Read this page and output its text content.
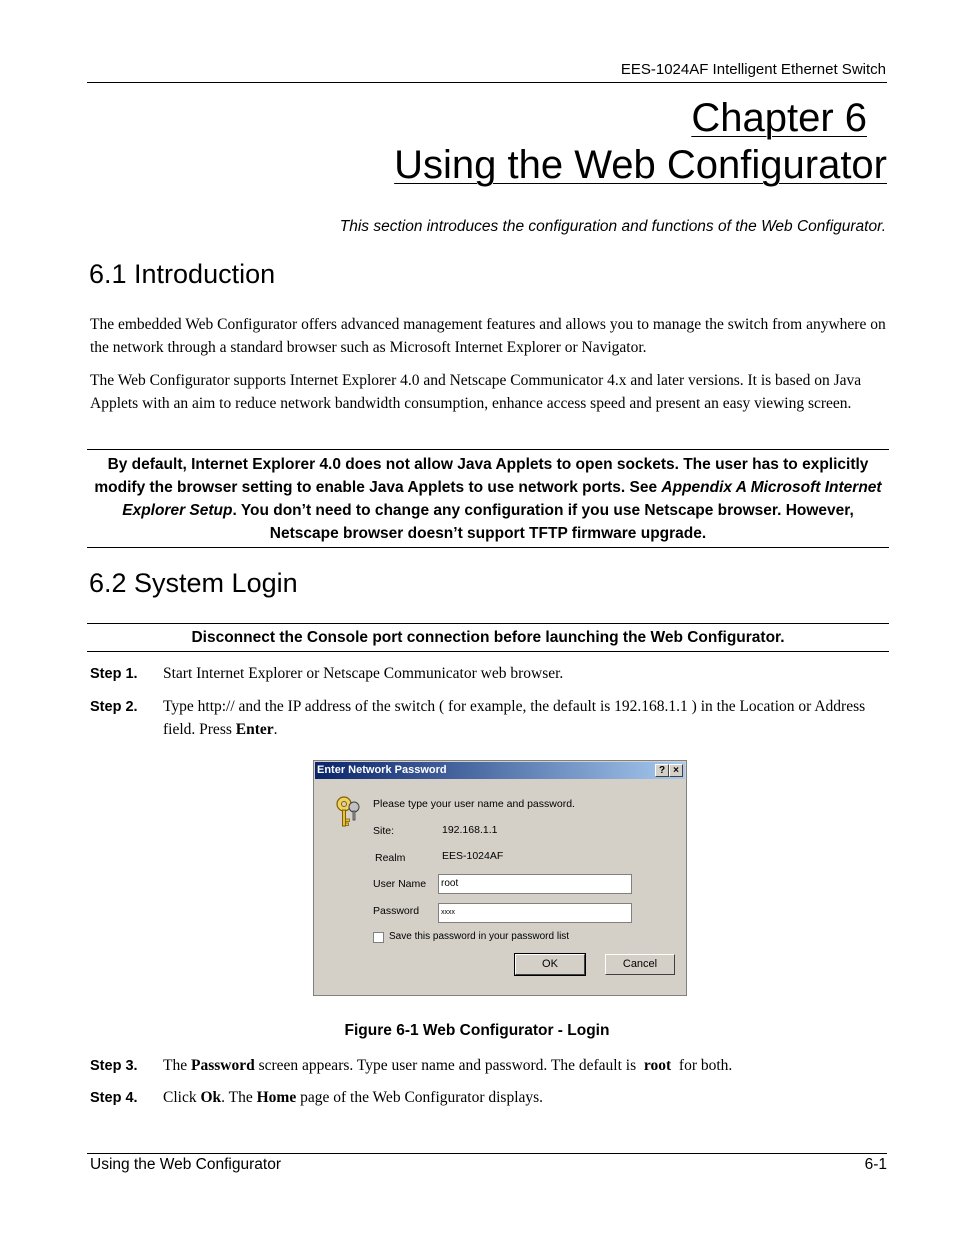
EES-1024AF Intelligent Ethernet Switch
Chapter 6
Using the Web Configurator
This section introduces the configuration and functions of the Web Configurator.
6.1 Introduction

The embedded Web Configurator offers advanced management features and allows you to manage the switch from anywhere on the network through a standard browser such as Microsoft Internet Explorer or Navigator.

The Web Configurator supports Internet Explorer 4.0 and Netscape Communicator 4.x and later versions. It is based on Java Applets with an aim to reduce network bandwidth consumption, enhance access speed and present an easy viewing screen.

By default, Internet Explorer 4.0 does not allow Java Applets to open sockets. The user has to explicitly modify the browser setting to enable Java Applets to use network ports. See Appendix A Microsoft Internet Explorer Setup. You don’t need to change any configuration if you use Netscape browser. However, Netscape browser doesn’t support TFTP firmware upgrade.
6.2 System Login
Disconnect the Console port connection before launching the Web Configurator.
Step 1. Start Internet Explorer or Netscape Communicator web browser.
Step 2. Type http:// and the IP address of the switch ( for example, the default is 192.168.1.1 ) in the Location or Address field. Press Enter.
Enter Network Password	? ×
Please type your user name and password.
Site:	192.168.1.1
Realm	EES-1024AF
User Name	root
Password	xxxx
Save this password in your password list
OK	Cancel
Figure 6-1 Web Configurator - Login
Step 3. The Password screen appears. Type user name and password. The default is  root  for both.
Step 4. Click Ok. The Home page of the Web Configurator displays.
Using the Web Configurator	6-1
